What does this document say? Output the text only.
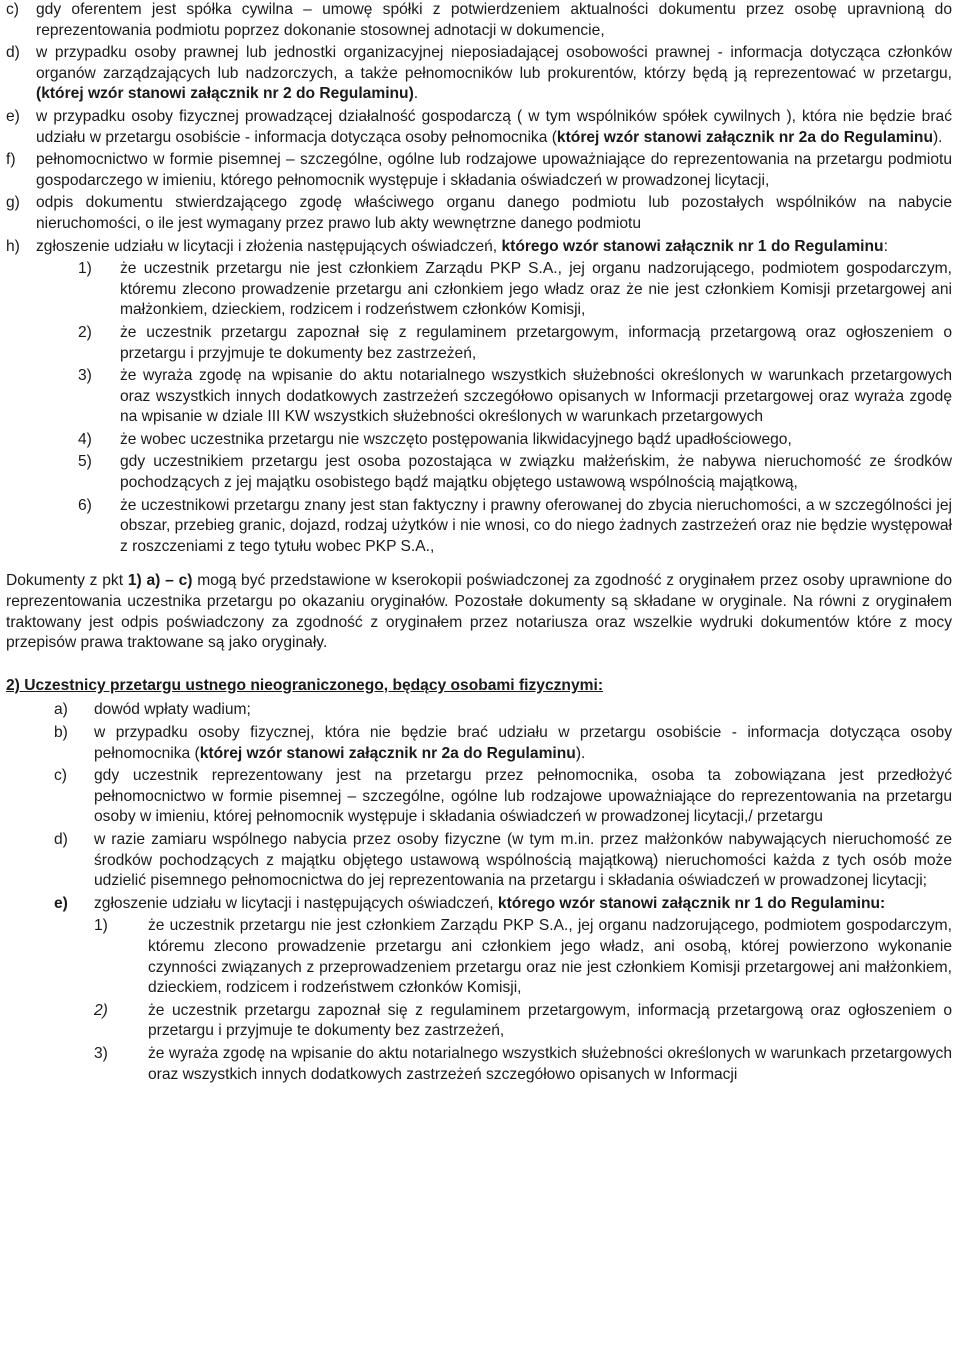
c)	gdy oferentem jest spółka cywilna – umowę spółki z potwierdzeniem aktualności dokumentu przez osobę upravnioną do reprezentowania podmiotu poprzez dokonanie stosownej adnotacji w dokumencie,
d)	w przypadku osoby prawnej lub jednostki organizacyjnej nieposiadającej osobowości prawnej - informacja dotycząca członków organów zarządzających lub nadzorczych, a także pełnomocników lub prokurentów, którzy będą ją reprezentować w przetargu, (której wzór stanowi załącznik nr 2 do Regulaminu).
e)	w przypadku osoby fizycznej prowadzącej działalność gospodarczą ( w tym wspólników spółek cywilnych ), która nie będzie brać udziału w przetargu osobiście - informacja dotycząca osoby pełnomocnika (której wzór stanowi załącznik nr 2a do Regulaminu).
f)	pełnomocnictwo w formie pisemnej – szczególne, ogólne lub rodzajowe upoważniające do reprezentowania na przetargu podmiotu gospodarczego w imieniu, którego pełnomocnik występuje i składania oświadczeń w prowadzonej licytacji,
g)	odpis dokumentu stwierdzającego zgodę właściwego organu danego podmiotu lub pozostałych wspólników na nabycie nieruchomości, o ile jest wymagany przez prawo lub akty wewnętrzne danego podmiotu
h)	zgłoszenie udziału w licytacji i złożenia następujących oświadczeń, którego wzór stanowi załącznik nr 1 do Regulaminu:
1)	że uczestnik przetargu nie jest członkiem Zarządu PKP S.A., jej organu nadzorującego, podmiotem gospodarczym, któremu zlecono prowadzenie przetargu ani członkiem jego władz oraz że nie jest członkiem Komisji przetargowej ani małżonkiem, dzieckiem, rodzicem i rodzeństwem członków Komisji,
2)	że uczestnik przetargu zapoznał się z regulaminem przetargowym, informacją przetargową oraz ogłoszeniem o przetargu i przyjmuje te dokumenty bez zastrzeżeń,
3)	że wyraża zgodę na wpisanie do aktu notarialnego wszystkich służebności określonych w warunkach przetargowych oraz wszystkich innych dodatkowych zastrzeżeń szczegółowo opisanych w Informacji przetargowej oraz wyraża zgodę na wpisanie w dziale III KW wszystkich służebności określonych w warunkach przetargowych
4)	że wobec uczestnika przetargu nie wszczęto postępowania likwidacyjnego bądź upadłościowego,
5)	gdy uczestnikiem przetargu jest osoba pozostająca w związku małżeńskim, że nabywa nieruchomość ze środków pochodzących z jej majątku osobistego bądź majątku objętego ustawową wspólnością majątkową,
6)	że uczestnikowi przetargu znany jest stan faktyczny i prawny oferowanej do zbycia nieruchomości, a w szczególności jej obszar, przebieg granic, dojazd, rodzaj użytków i nie wnosi, co do niego żadnych zastrzeżeń oraz nie będzie występował z roszczeniami z tego tytułu wobec PKP S.A.,

Dokumenty z pkt 1) a) – c) mogą być przedstawione w kserokopii poświadczonej za zgodność z oryginałem przez osoby uprawnione do reprezentowania uczestnika przetargu po okazaniu oryginałów. Pozostałe dokumenty są składane w oryginale. Na równi z oryginałem traktowany jest odpis poświadczony za zgodność z oryginałem przez notariusza oraz wszelkie wydruki dokumentów które z mocy przepisów prawa traktowane są jako oryginały.

2) Uczestnicy przetargu ustnego nieograniczonego, będący osobami fizycznymi:
a)	dowód wpłaty wadium;
b)	w przypadku osoby fizycznej, która nie będzie brać udziału w przetargu osobiście - informacja dotycząca osoby pełnomocnika (której wzór stanowi załącznik nr 2a do Regulaminu).
c)	gdy uczestnik reprezentowany jest na przetargu przez pełnomocnika, osoba ta zobowiązana jest przedłożyć pełnomocnictwo w formie pisemnej – szczególne, ogólne lub rodzajowe upoważniające do reprezentowania na przetargu osoby w imieniu, której pełnomocnik występuje i składania oświadczeń w prowadzonej licytacji,/ przetargu
d)	w razie zamiaru wspólnego nabycia przez osoby fizyczne (w tym m.in. przez małżonków nabywających nieruchomość ze środków pochodzących z majątku objętego ustawową wspólnością majątkową) nieruchomości każda z tych osób może udzielić pisemnego pełnomocnictwa do jej reprezentowania na przetargu i składania oświadczeń w prowadzonej licytacji;
e)	zgłoszenie udziału w licytacji i następujących oświadczeń, którego wzór stanowi załącznik nr 1 do Regulaminu:
1)	że uczestnik przetargu nie jest członkiem Zarządu PKP S.A., jej organu nadzorującego, podmiotem gospodarczym, któremu zlecono prowadzenie przetargu ani członkiem jego władz, ani osobą, której powierzono wykonanie czynności związanych z przeprowadzeniem przetargu oraz nie jest członkiem Komisji przetargowej ani małżonkiem, dzieckiem, rodzicem i rodzeństwem członków Komisji,
2)	że uczestnik przetargu zapoznał się z regulaminem przetargowym, informacją przetargową oraz ogłoszeniem o przetargu i przyjmuje te dokumenty bez zastrzeżeń,
3)	że wyraża zgodę na wpisanie do aktu notarialnego wszystkich służebności określonych w warunkach przetargowych oraz wszystkich innych dodatkowych zastrzeżeń szczegółowo opisanych w Informacji
